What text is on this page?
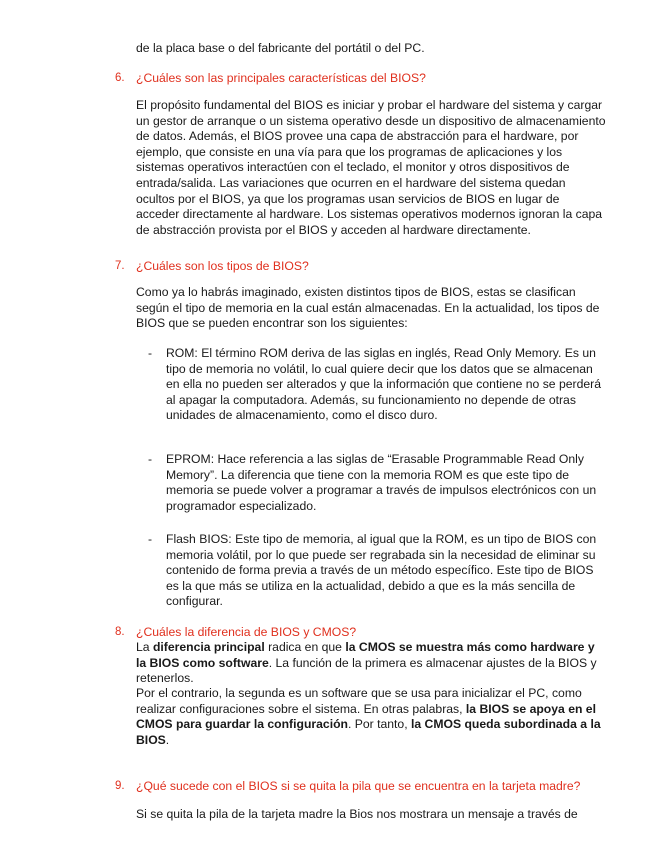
de la placa base o del fabricante del portátil o del PC.

6. ¿Cuáles son las principales características del BIOS?

El propósito fundamental del BIOS es iniciar y probar el hardware del sistema y cargar un gestor de arranque o un sistema operativo desde un dispositivo de almacenamiento de datos. Además, el BIOS provee una capa de abstracción para el hardware, por ejemplo, que consiste en una vía para que los programas de aplicaciones y los sistemas operativos interactúen con el teclado, el monitor y otros dispositivos de entrada/salida. Las variaciones que ocurren en el hardware del sistema quedan ocultos por el BIOS, ya que los programas usan servicios de BIOS en lugar de acceder directamente al hardware. Los sistemas operativos modernos ignoran la capa de abstracción provista por el BIOS y acceden al hardware directamente.

7. ¿Cuáles son los tipos de BIOS?

Como ya lo habrás imaginado, existen distintos tipos de BIOS, estas se clasifican según el tipo de memoria en la cual están almacenadas. En la actualidad, los tipos de BIOS que se pueden encontrar son los siguientes:

- ROM: El término ROM deriva de las siglas en inglés, Read Only Memory. Es un tipo de memoria no volátil, lo cual quiere decir que los datos que se almacenan en ella no pueden ser alterados y que la información que contiene no se perderá al apagar la computadora. Además, su funcionamiento no depende de otras unidades de almacenamiento, como el disco duro.

- EPROM: Hace referencia a las siglas de “Erasable Programmable Read Only Memory”. La diferencia que tiene con la memoria ROM es que este tipo de memoria se puede volver a programar a través de impulsos electrónicos con un programador especializado.

- Flash BIOS: Este tipo de memoria, al igual que la ROM, es un tipo de BIOS con memoria volátil, por lo que puede ser regrabada sin la necesidad de eliminar su contenido de forma previa a través de un método específico. Este tipo de BIOS es la que más se utiliza en la actualidad, debido a que es la más sencilla de configurar.

8. ¿Cuáles la diferencia de BIOS y CMOS?

La diferencia principal radica en que la CMOS se muestra más como hardware y la BIOS como software. La función de la primera es almacenar ajustes de la BIOS y retenerlos.

Por el contrario, la segunda es un software que se usa para inicializar el PC, como realizar configuraciones sobre el sistema. En otras palabras, la BIOS se apoya en el CMOS para guardar la configuración. Por tanto, la CMOS queda subordinada a la BIOS.

9. ¿Qué sucede con el BIOS si se quita la pila que se encuentra en la tarjeta madre?

Si se quita la pila de la tarjeta madre la Bios nos mostrara un mensaje a través de
